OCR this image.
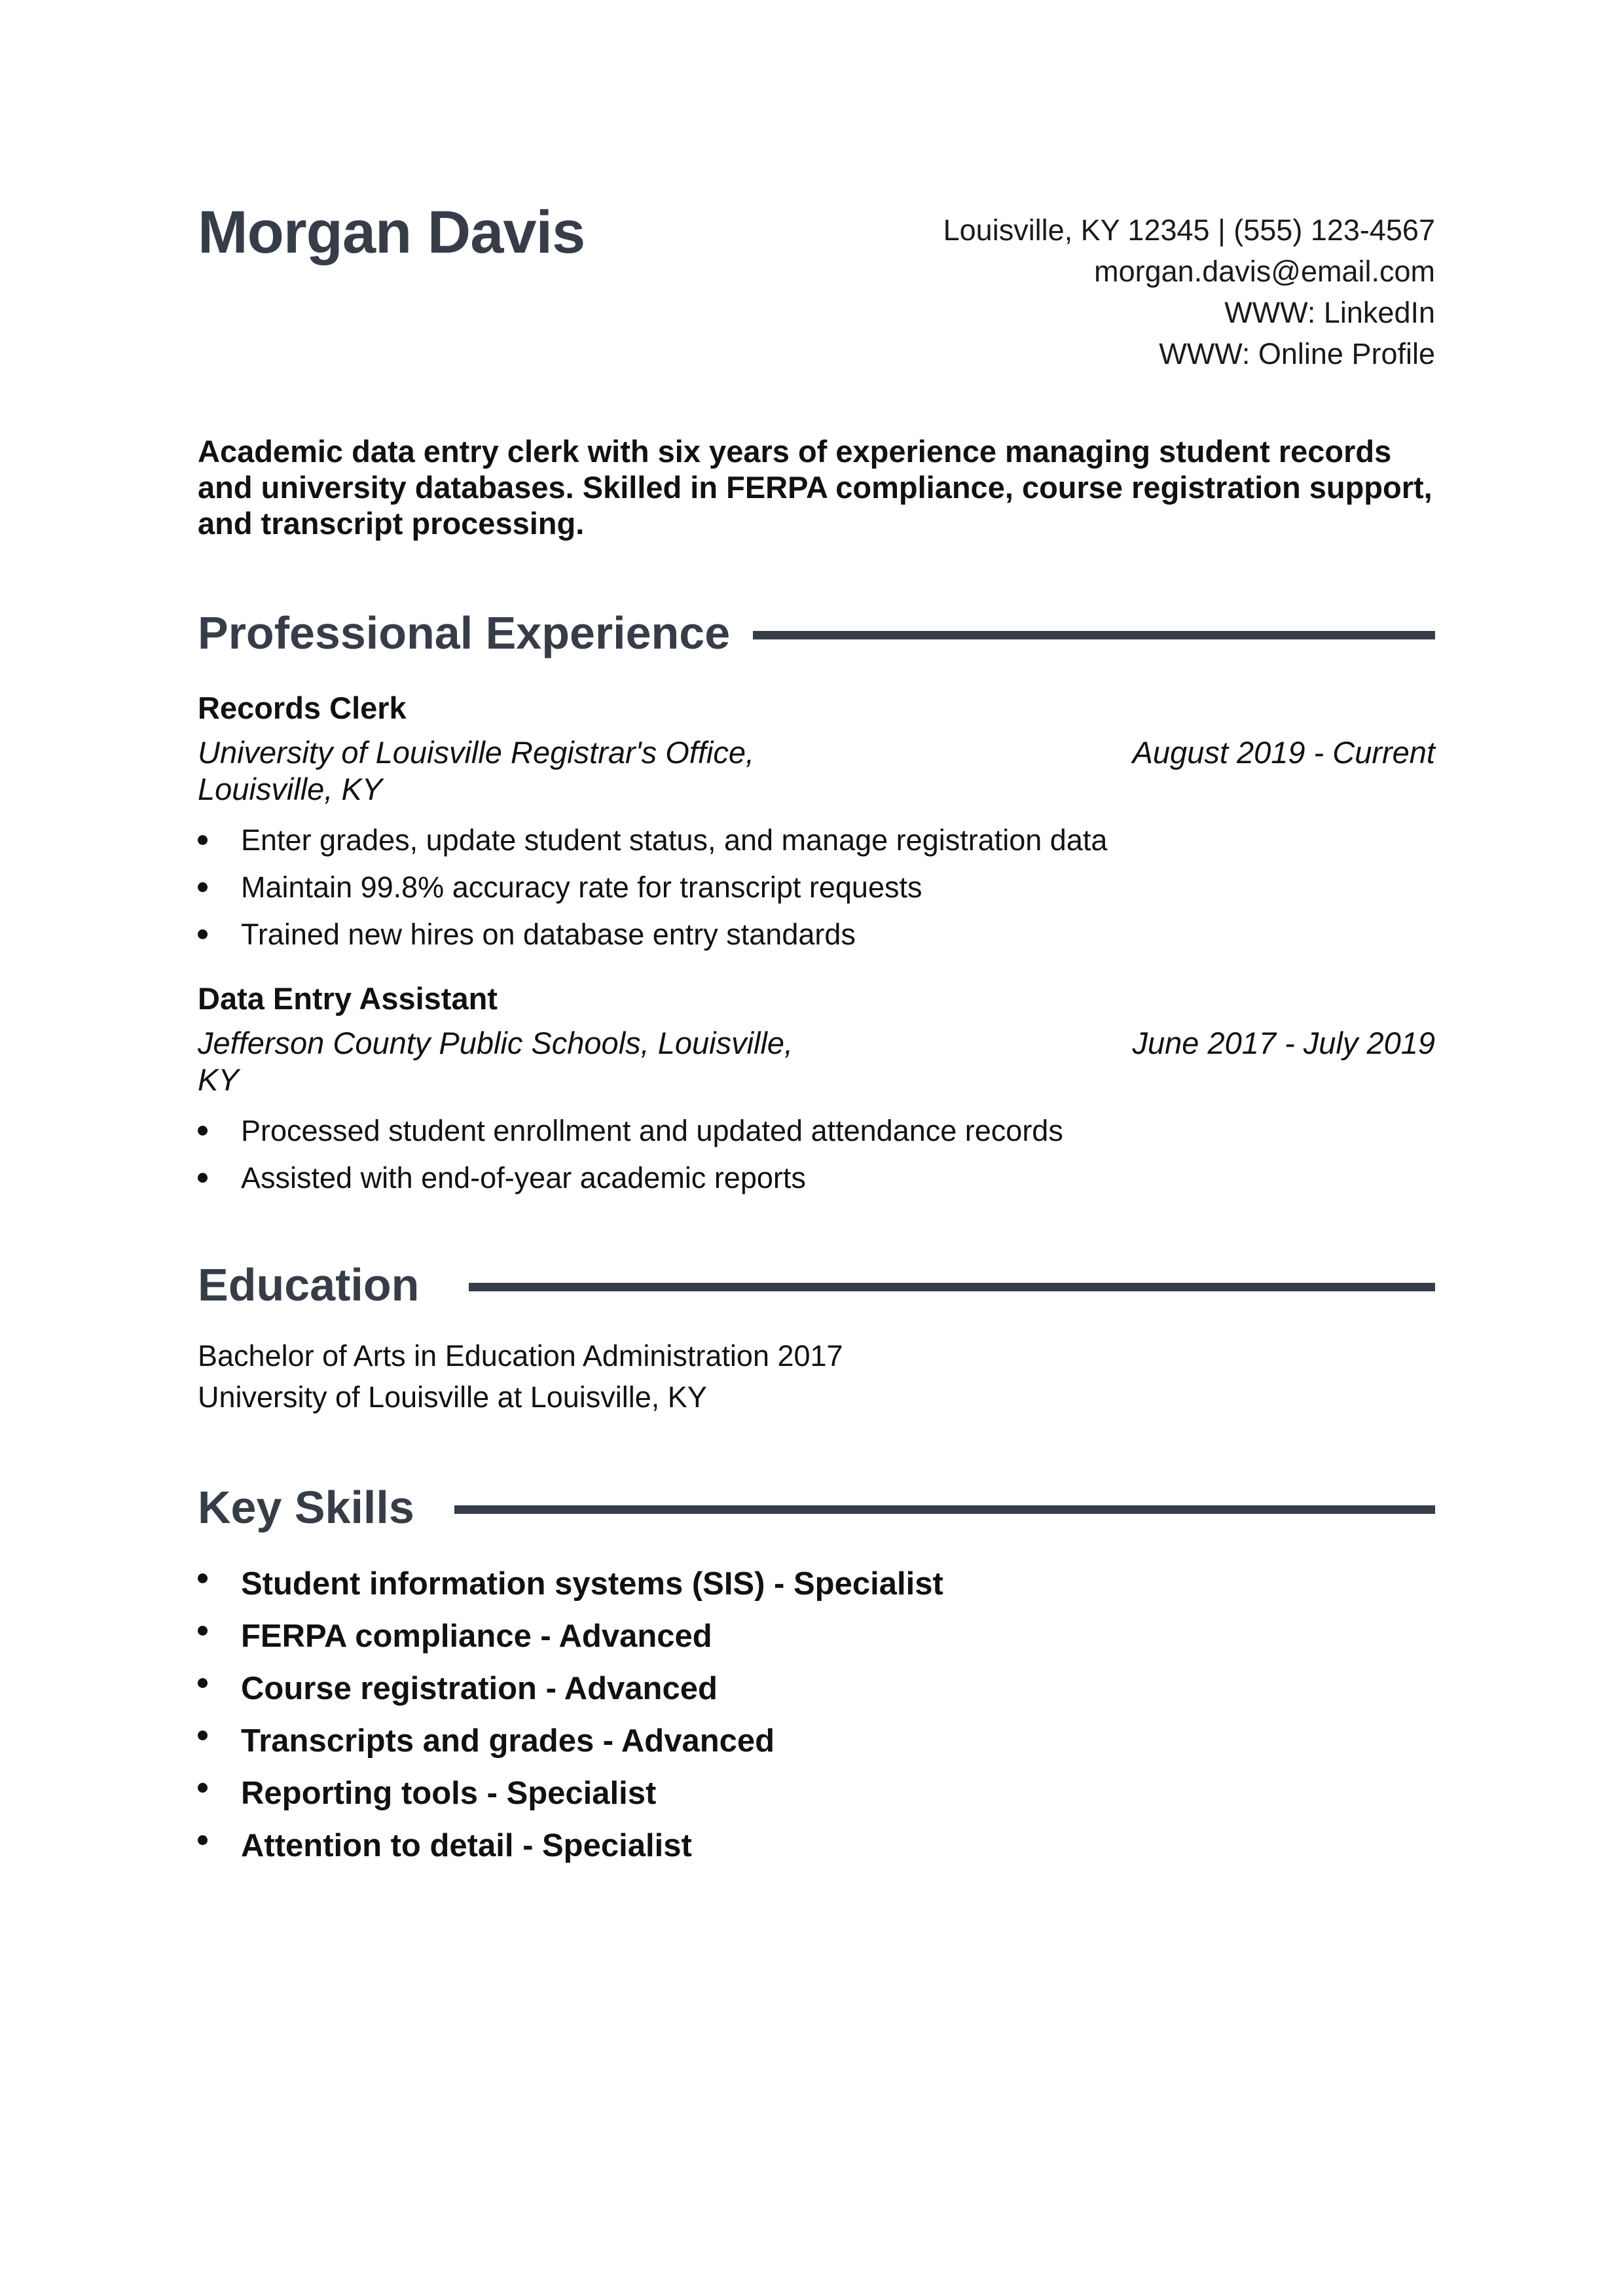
Morgan Davis	Louisville, KY 12345 | (555) 123-4567
morgan.davis@email.com
WWW: LinkedIn
WWW: Online Profile
Academic data entry clerk with six years of experience managing student records and university databases. Skilled in FERPA compliance, course registration support, and transcript processing.
Professional Experience
Records Clerk
University of Louisville Registrar's Office,
Louisville, KY
August 2019 - Current
Enter grades, update student status, and manage registration data
Maintain 99.8% accuracy rate for transcript requests
Trained new hires on database entry standards
Data Entry Assistant
Jefferson County Public Schools, Louisville,
KY
June 2017 - July 2019
Processed student enrollment and updated attendance records
Assisted with end-of-year academic reports
Education
Bachelor of Arts in Education Administration 2017
University of Louisville at Louisville, KY
Key Skills
Student information systems (SIS) - Specialist
FERPA compliance - Advanced
Course registration - Advanced
Transcripts and grades - Advanced
Reporting tools - Specialist
Attention to detail - Specialist
